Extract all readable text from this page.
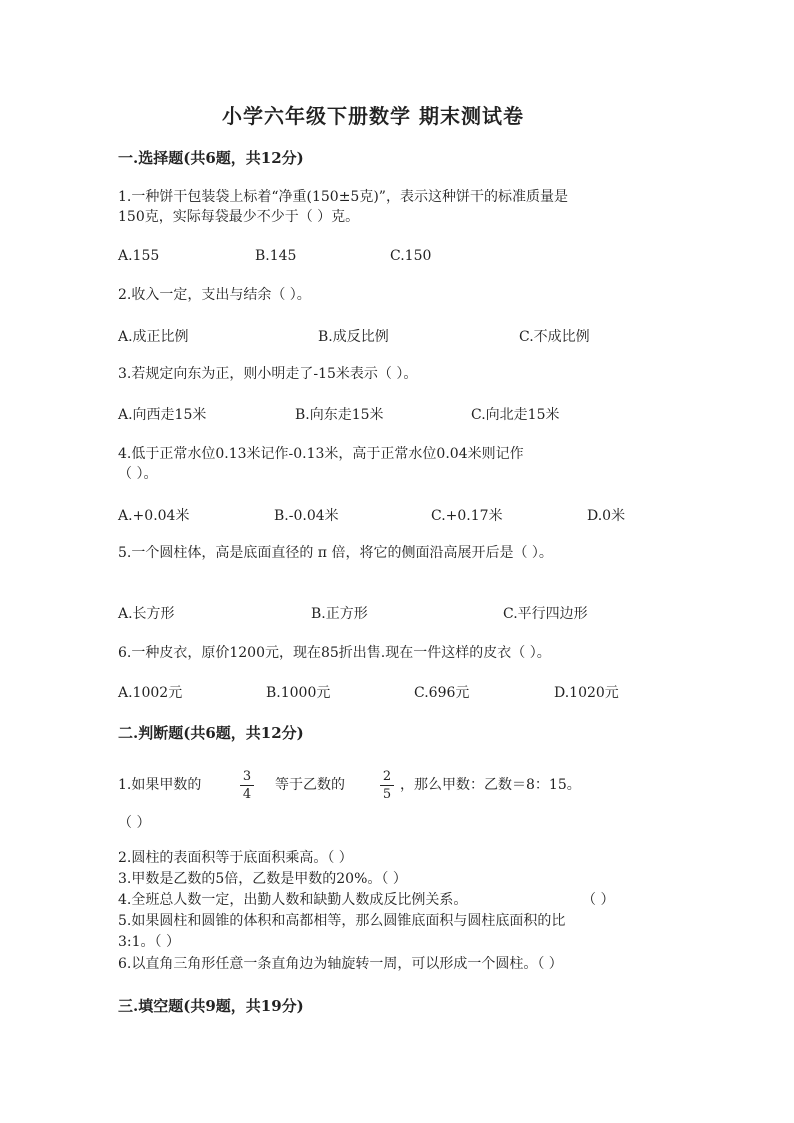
小学六年级下册数学 期末测试卷
一.选择题(共6题，共12分)
1.一种饼干包装袋上标着“净重(150±5克)”，表示这种饼干的标准质量是
150克，实际每袋最少不少于（ ）克。
A.155	B.145	C.150
2.收入一定，支出与结余（ ）。
A.成正比例	B.成反比例	C.不成比例
3.若规定向东为正，则小明走了-15米表示（ ）。
A.向西走15米	B.向东走15米	C.向北走15米
4.低于正常水位0.13米记作-0.13米，高于正常水位0.04米则记作
（ ）。
A.+0.04米	B.-0.04米	C.+0.17米	D.0米
5.一个圆柱体，高是底面直径的 π 倍，将它的侧面沿高展开后是（ ）。
A.长方形	B.正方形	C.平行四边形
6.一种皮衣，原价1200元，现在85折出售.现在一件这样的皮衣（ ）。
A.1002元	B.1000元	C.696元	D.1020元
二.判断题(共6题，共12分)
1.如果甲数的
3
4
等于乙数的
2
5
，那么甲数：乙数＝8：15。
（ ）
2.圆柱的表面积等于底面积乘高。（ ）
3.甲数是乙数的5倍，乙数是甲数的20%。（ ）
4.全班总人数一定，出勤人数和缺勤人数成反比例关系。	（ ）
5.如果圆柱和圆锥的体积和高都相等，那么圆锥底面积与圆柱底面积的比
3:1。（ ）
6.以直角三角形任意一条直角边为轴旋转一周，可以形成一个圆柱。（ ）
三.填空题(共9题，共19分)
